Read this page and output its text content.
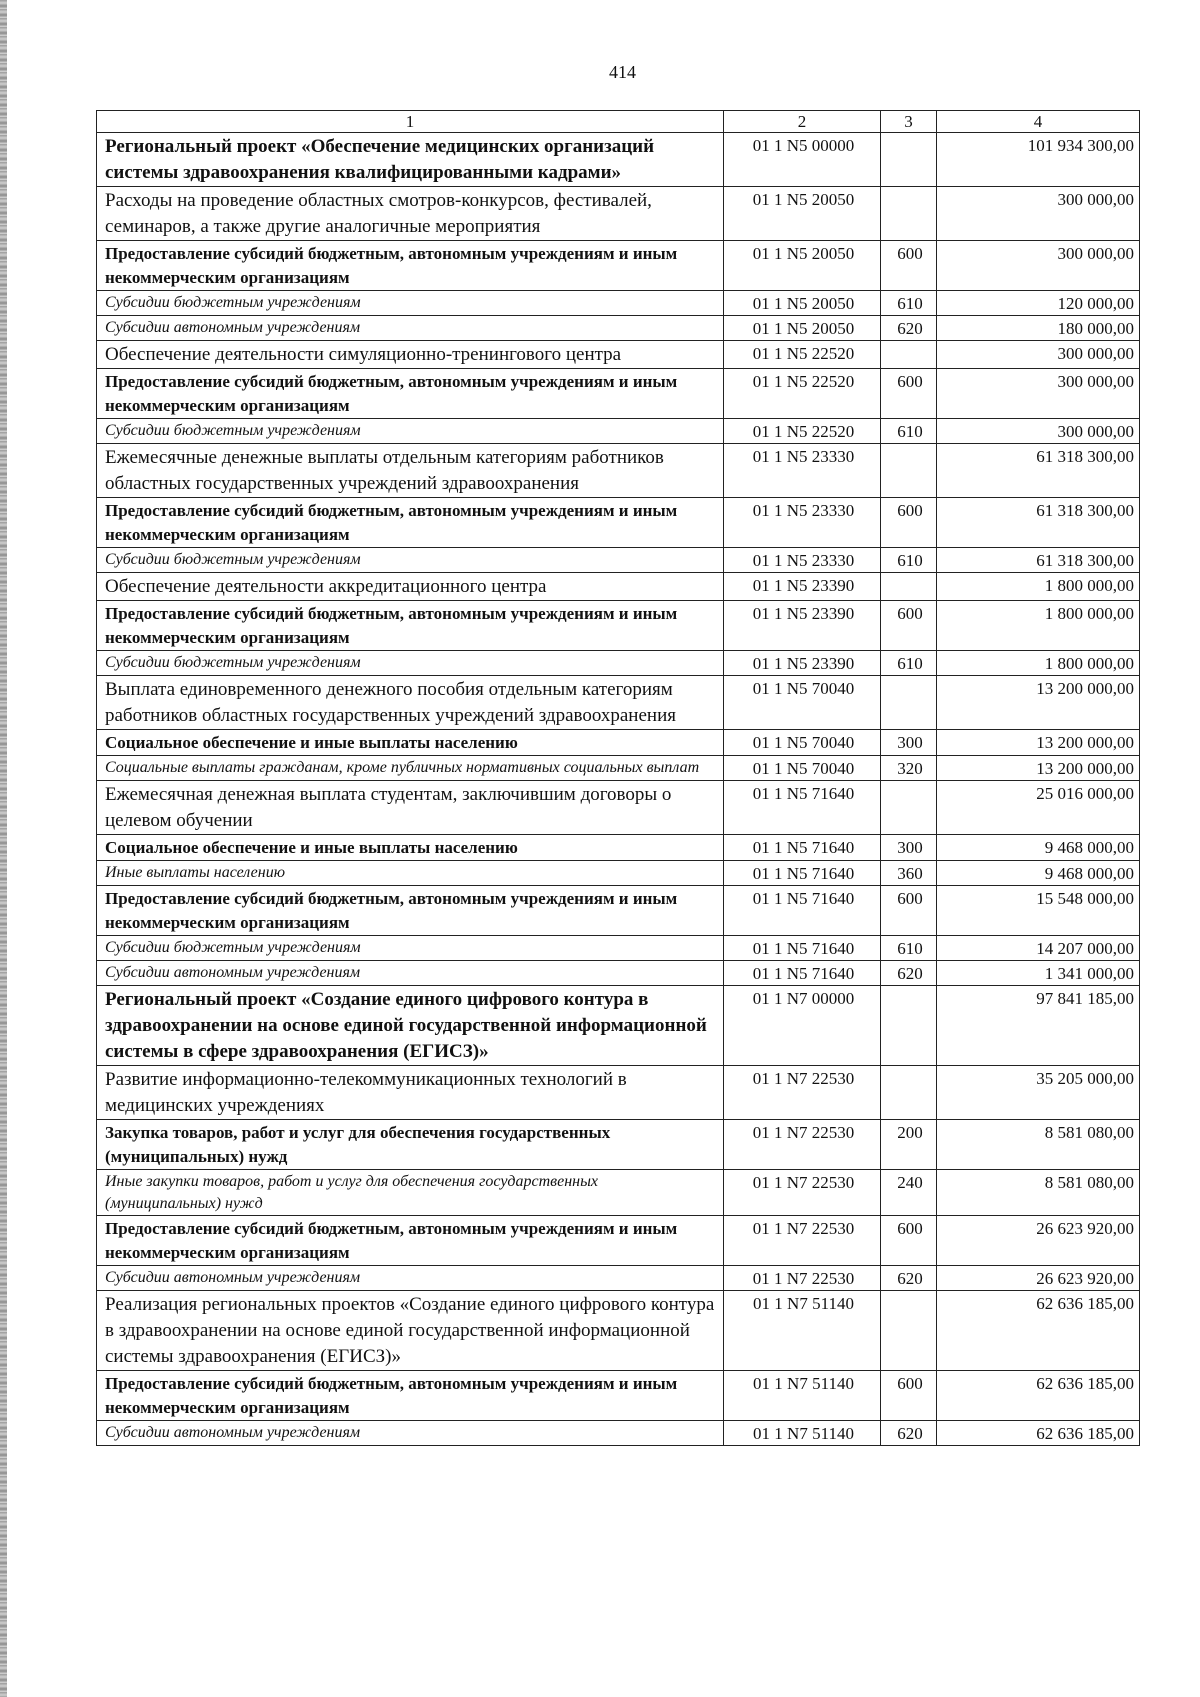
414
1	2	3	4
Региональный проект «Обеспечение медицинских организаций системы здравоохранения квалифицированными кадрами»	01 1 N5 00000		101 934 300,00
Расходы на проведение областных смотров-конкурсов, фестивалей, семинаров, а также другие аналогичные мероприятия	01 1 N5 20050		300 000,00
Предоставление субсидий бюджетным, автономным учреждениям и иным некоммерческим организациям	01 1 N5 20050	600	300 000,00
Субсидии бюджетным учреждениям	01 1 N5 20050	610	120 000,00
Субсидии автономным учреждениям	01 1 N5 20050	620	180 000,00
Обеспечение деятельности симуляционно-тренингового центра	01 1 N5 22520		300 000,00
Предоставление субсидий бюджетным, автономным учреждениям и иным некоммерческим организациям	01 1 N5 22520	600	300 000,00
Субсидии бюджетным учреждениям	01 1 N5 22520	610	300 000,00
Ежемесячные денежные выплаты отдельным категориям работников областных государственных учреждений здравоохранения	01 1 N5 23330		61 318 300,00
Предоставление субсидий бюджетным, автономным учреждениям и иным некоммерческим организациям	01 1 N5 23330	600	61 318 300,00
Субсидии бюджетным учреждениям	01 1 N5 23330	610	61 318 300,00
Обеспечение деятельности аккредитационного центра	01 1 N5 23390		1 800 000,00
Предоставление субсидий бюджетным, автономным учреждениям и иным некоммерческим организациям	01 1 N5 23390	600	1 800 000,00
Субсидии бюджетным учреждениям	01 1 N5 23390	610	1 800 000,00
Выплата единовременного денежного пособия отдельным категориям работников областных государственных учреждений здравоохранения	01 1 N5 70040		13 200 000,00
Социальное обеспечение и иные выплаты населению	01 1 N5 70040	300	13 200 000,00
Социальные выплаты гражданам, кроме публичных нормативных социальных выплат	01 1 N5 70040	320	13 200 000,00
Ежемесячная денежная выплата студентам, заключившим договоры о целевом обучении	01 1 N5 71640		25 016 000,00
Социальное обеспечение и иные выплаты населению	01 1 N5 71640	300	9 468 000,00
Иные выплаты населению	01 1 N5 71640	360	9 468 000,00
Предоставление субсидий бюджетным, автономным учреждениям и иным некоммерческим организациям	01 1 N5 71640	600	15 548 000,00
Субсидии бюджетным учреждениям	01 1 N5 71640	610	14 207 000,00
Субсидии автономным учреждениям	01 1 N5 71640	620	1 341 000,00
Региональный проект «Создание единого цифрового контура в здравоохранении на основе единой государственной информационной системы в сфере здравоохранения (ЕГИСЗ)»	01 1 N7 00000		97 841 185,00
Развитие информационно-телекоммуникационных технологий в медицинских учреждениях	01 1 N7 22530		35 205 000,00
Закупка товаров, работ и услуг для обеспечения государственных (муниципальных) нужд	01 1 N7 22530	200	8 581 080,00
Иные закупки товаров, работ и услуг для обеспечения государственных (муниципальных) нужд	01 1 N7 22530	240	8 581 080,00
Предоставление субсидий бюджетным, автономным учреждениям и иным некоммерческим организациям	01 1 N7 22530	600	26 623 920,00
Субсидии автономным учреждениям	01 1 N7 22530	620	26 623 920,00
Реализация региональных проектов «Создание единого цифрового контура в здравоохранении на основе единой государственной информационной системы здравоохранения (ЕГИСЗ)»	01 1 N7 51140		62 636 185,00
Предоставление субсидий бюджетным, автономным учреждениям и иным некоммерческим организациям	01 1 N7 51140	600	62 636 185,00
Субсидии автономным учреждениям	01 1 N7 51140	620	62 636 185,00
